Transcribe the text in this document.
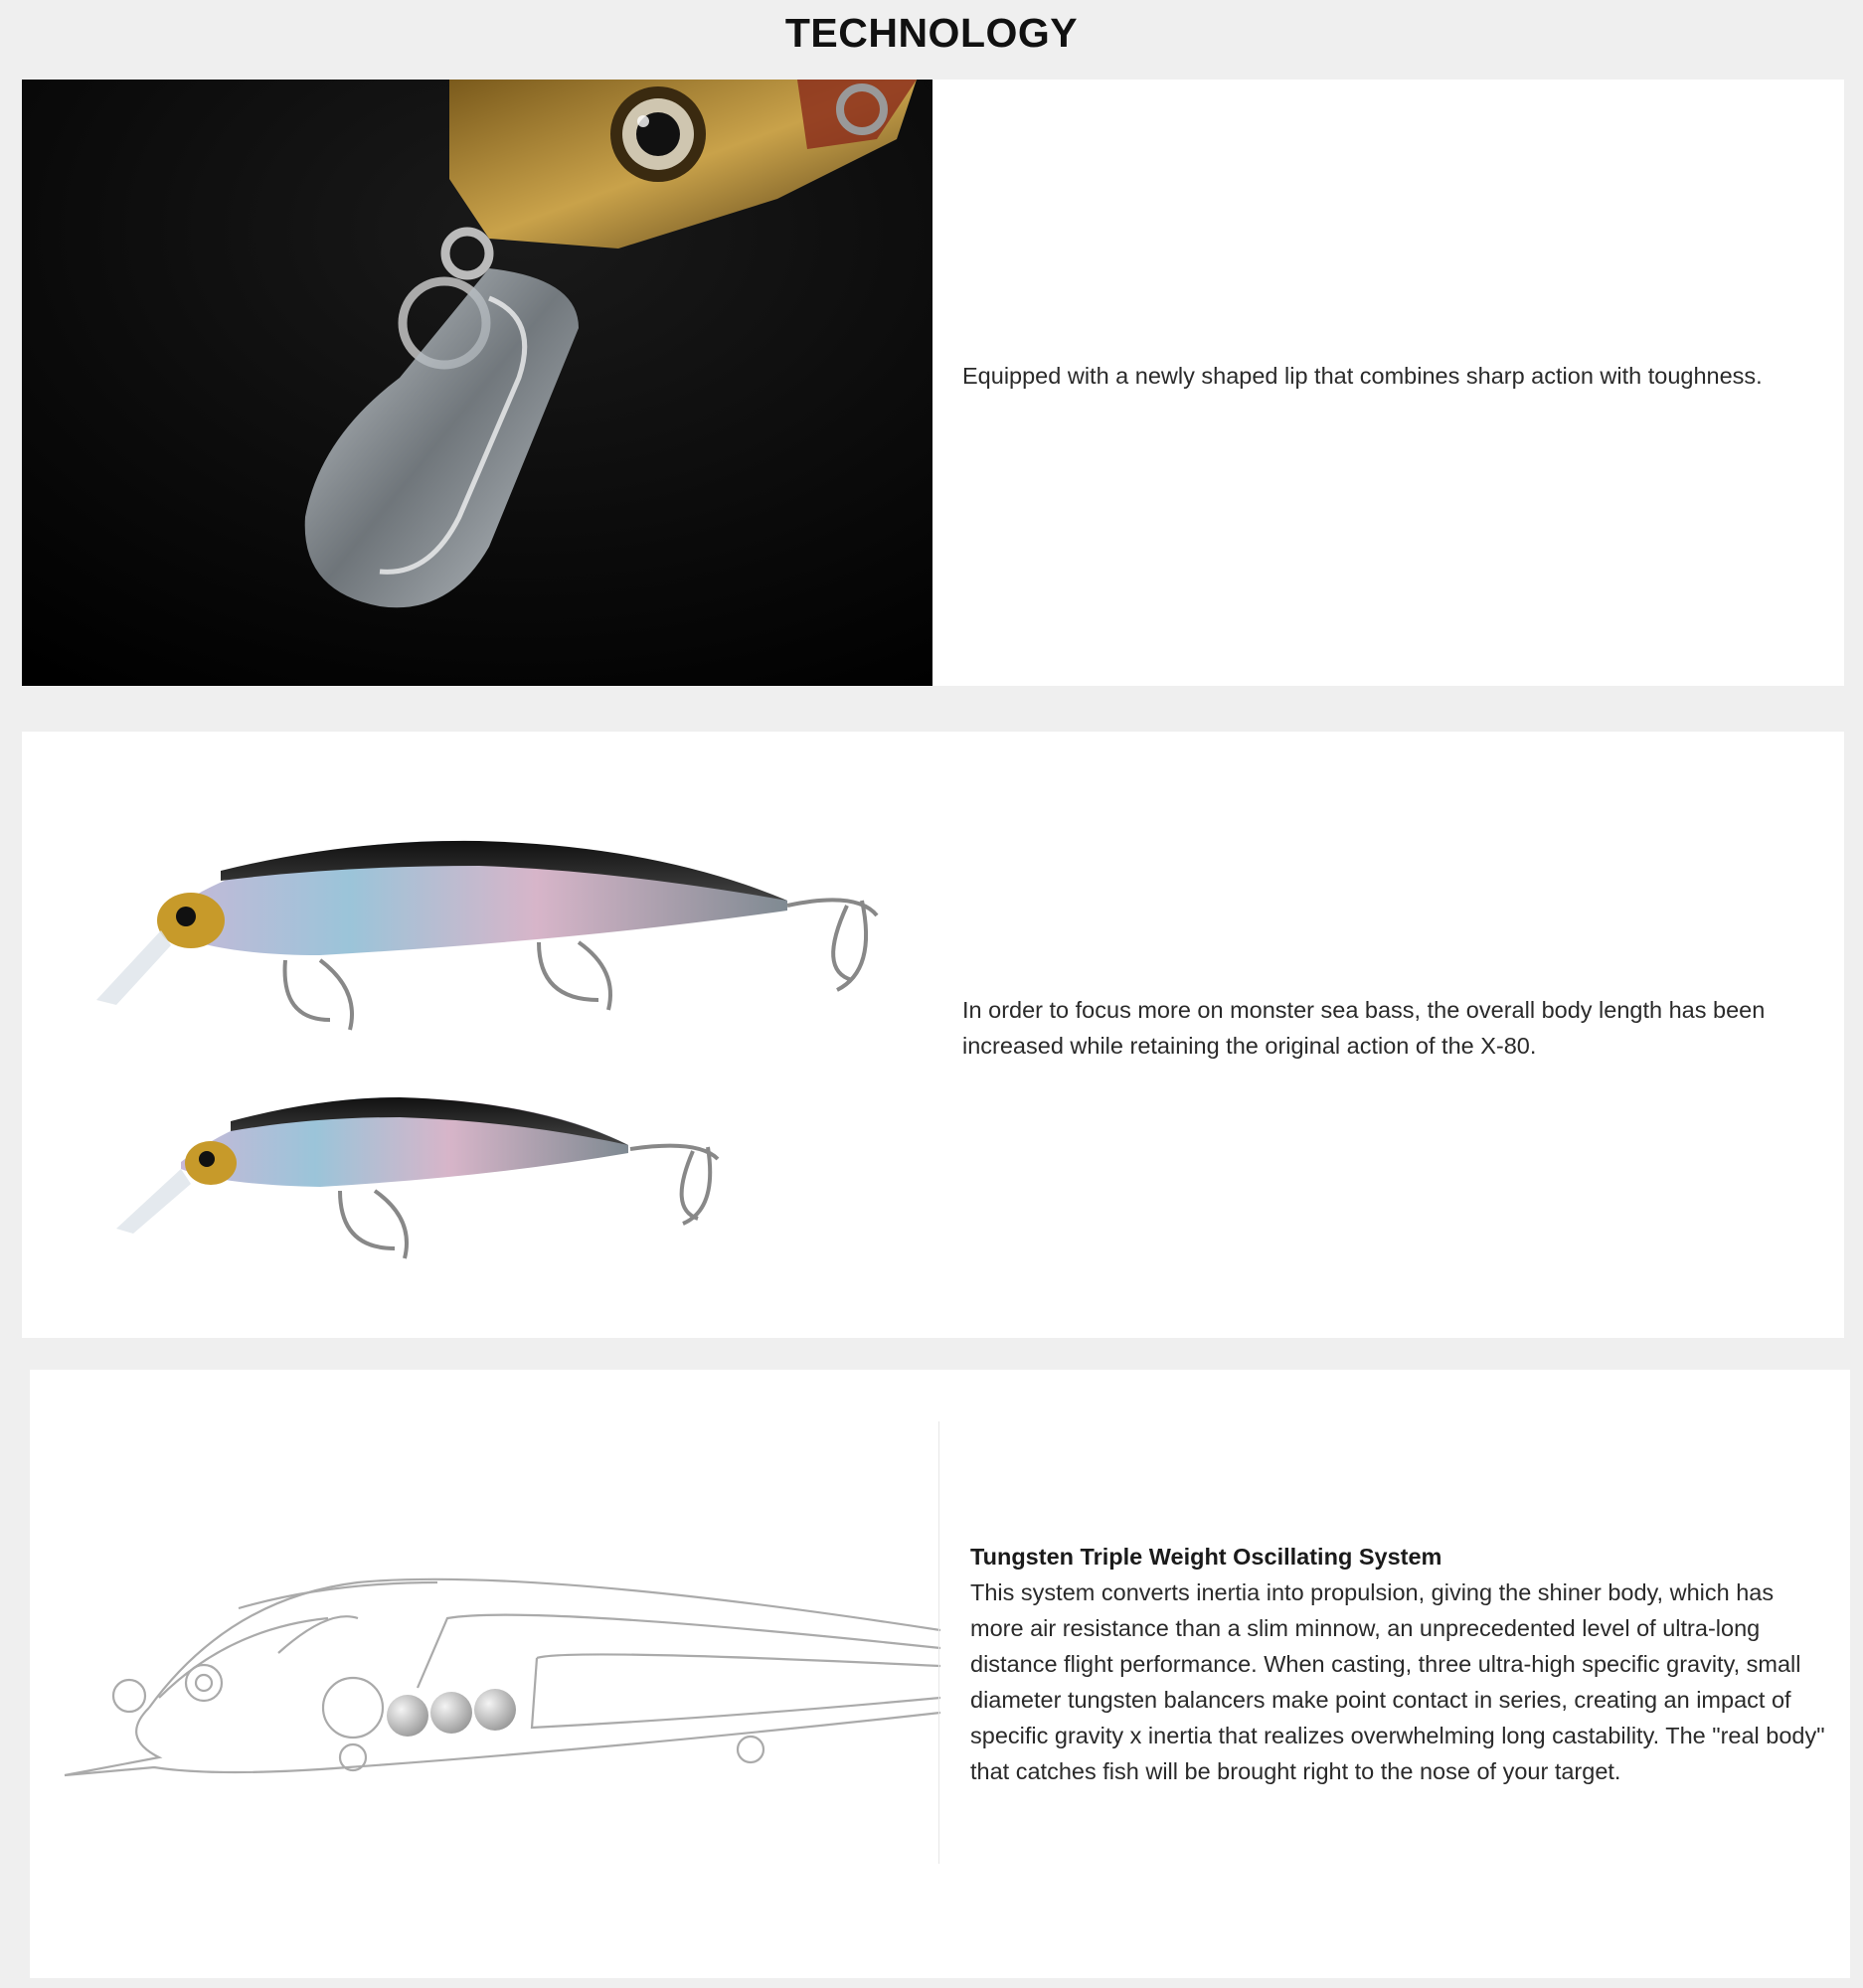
TECHNOLOGY
Equipped with a newly shaped lip that combines sharp action with toughness.
In order to focus more on monster sea bass, the overall body length has been increased while retaining the original action of the X-80.
Tungsten Triple Weight Oscillating System
This system converts inertia into propulsion, giving the shiner body, which has more air resistance than a slim minnow, an unprecedented level of ultra-long distance flight performance. When casting, three ultra-high specific gravity, small diameter tungsten balancers make point contact in series, creating an impact of specific gravity x inertia that realizes overwhelming long castability. The "real body" that catches fish will be brought right to the nose of your target.
